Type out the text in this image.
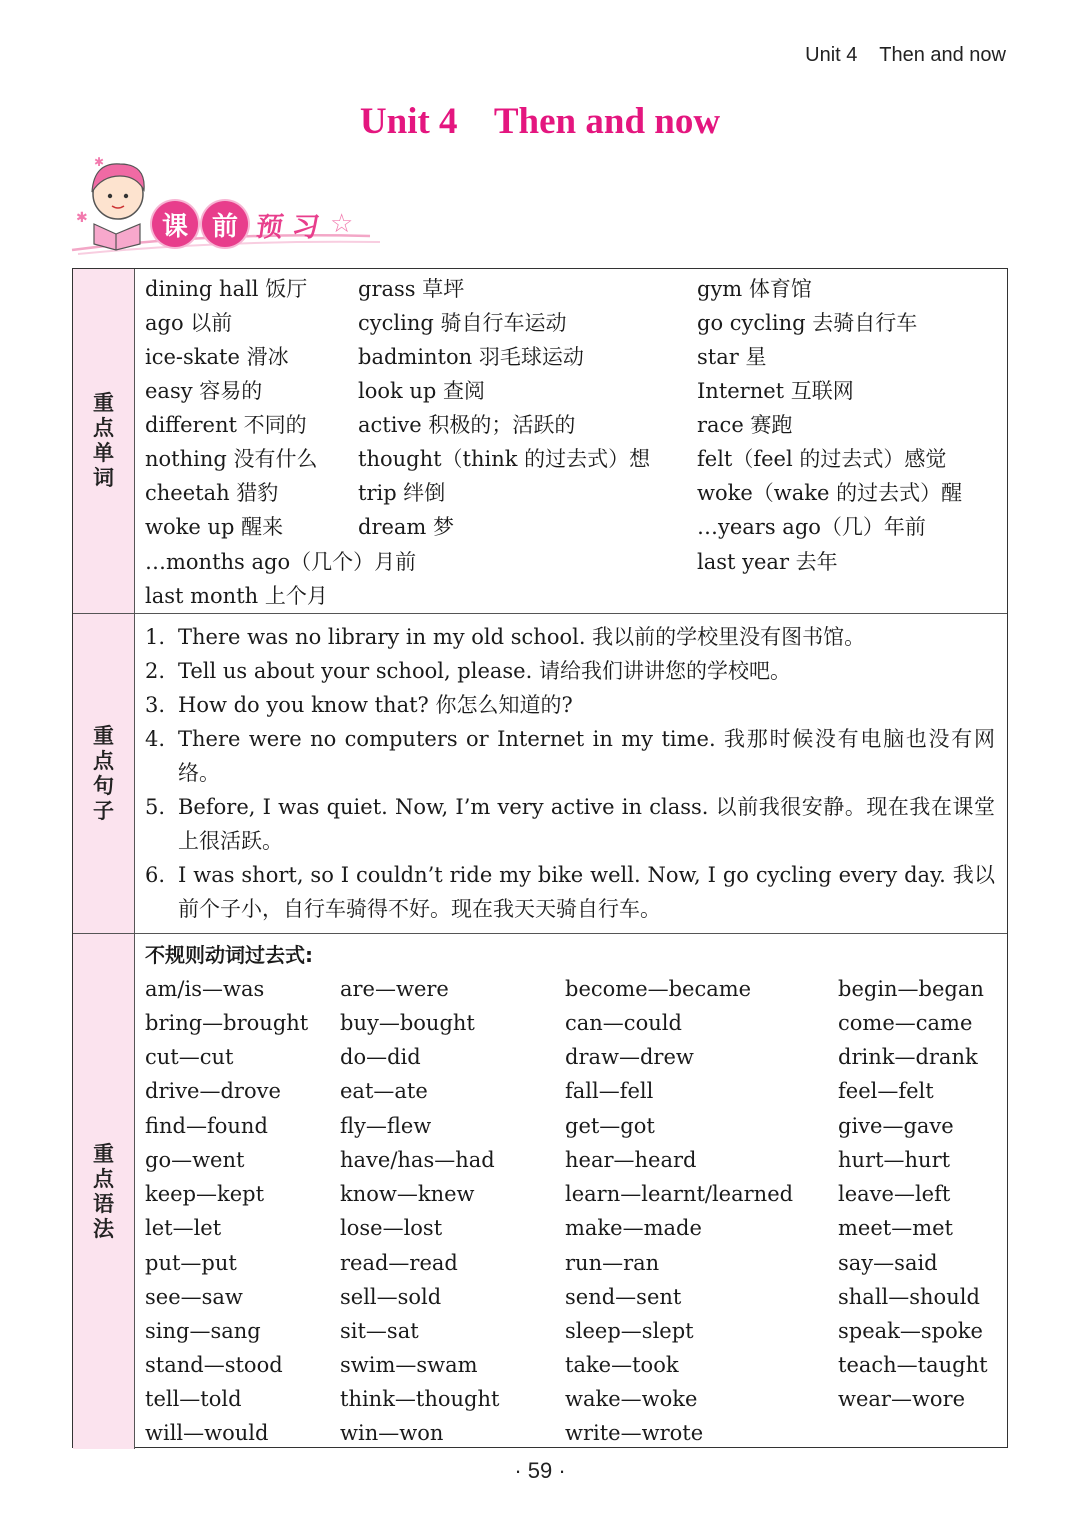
Unit 4    Then and now
Unit 4    Then and now
✱
✱
课 前 预 习 ☆
重点单词
dining hall 饭厅
ago 以前
ice-skate 滑冰
easy 容易的
different 不同的
nothing 没有什么
cheetah 猎豹
woke up 醒来
…months ago（几个）月前
last month 上个月
grass 草坪
cycling 骑自行车运动
badminton 羽毛球运动
look up 查阅
active 积极的；活跃的
thought（think 的过去式）想
trip 绊倒
dream 梦
gym 体育馆
go cycling 去骑自行车
star 星
Internet 互联网
race 赛跑
felt（feel 的过去式）感觉
woke（wake 的过去式）醒
…years ago（几）年前
last year 去年
重点句子
1. There was no library in my old school. 我以前的学校里没有图书馆。
2. Tell us about your school, please. 请给我们讲讲您的学校吧。
3. How do you know that? 你怎么知道的?
4. There were no computers or Internet in my time. 我那时候没有电脑也没有网络。
5. Before, I was quiet. Now, I’m very active in class. 以前我很安静。现在我在课堂上很活跃。
6. I was short, so I couldn’t ride my bike well. Now, I go cycling every day. 我以前个子小，自行车骑得不好。现在我天天骑自行车。
重点语法
不规则动词过去式:
am/is—was
bring—brought
cut—cut
drive—drove
find—found
go—went
keep—kept
let—let
put—put
see—saw
sing—sang
stand—stood
tell—told
will—would
are—were
buy—bought
do—did
eat—ate
fly—flew
have/has—had
know—knew
lose—lost
read—read
sell—sold
sit—sat
swim—swam
think—thought
win—won
become—became
can—could
draw—drew
fall—fell
get—got
hear—heard
learn—learnt/learned
make—made
run—ran
send—sent
sleep—slept
take—took
wake—woke
write—wrote
begin—began
come—came
drink—drank
feel—felt
give—gave
hurt—hurt
leave—left
meet—met
say—said
shall—should
speak—spoke
teach—taught
wear—wore
· 59 ·
